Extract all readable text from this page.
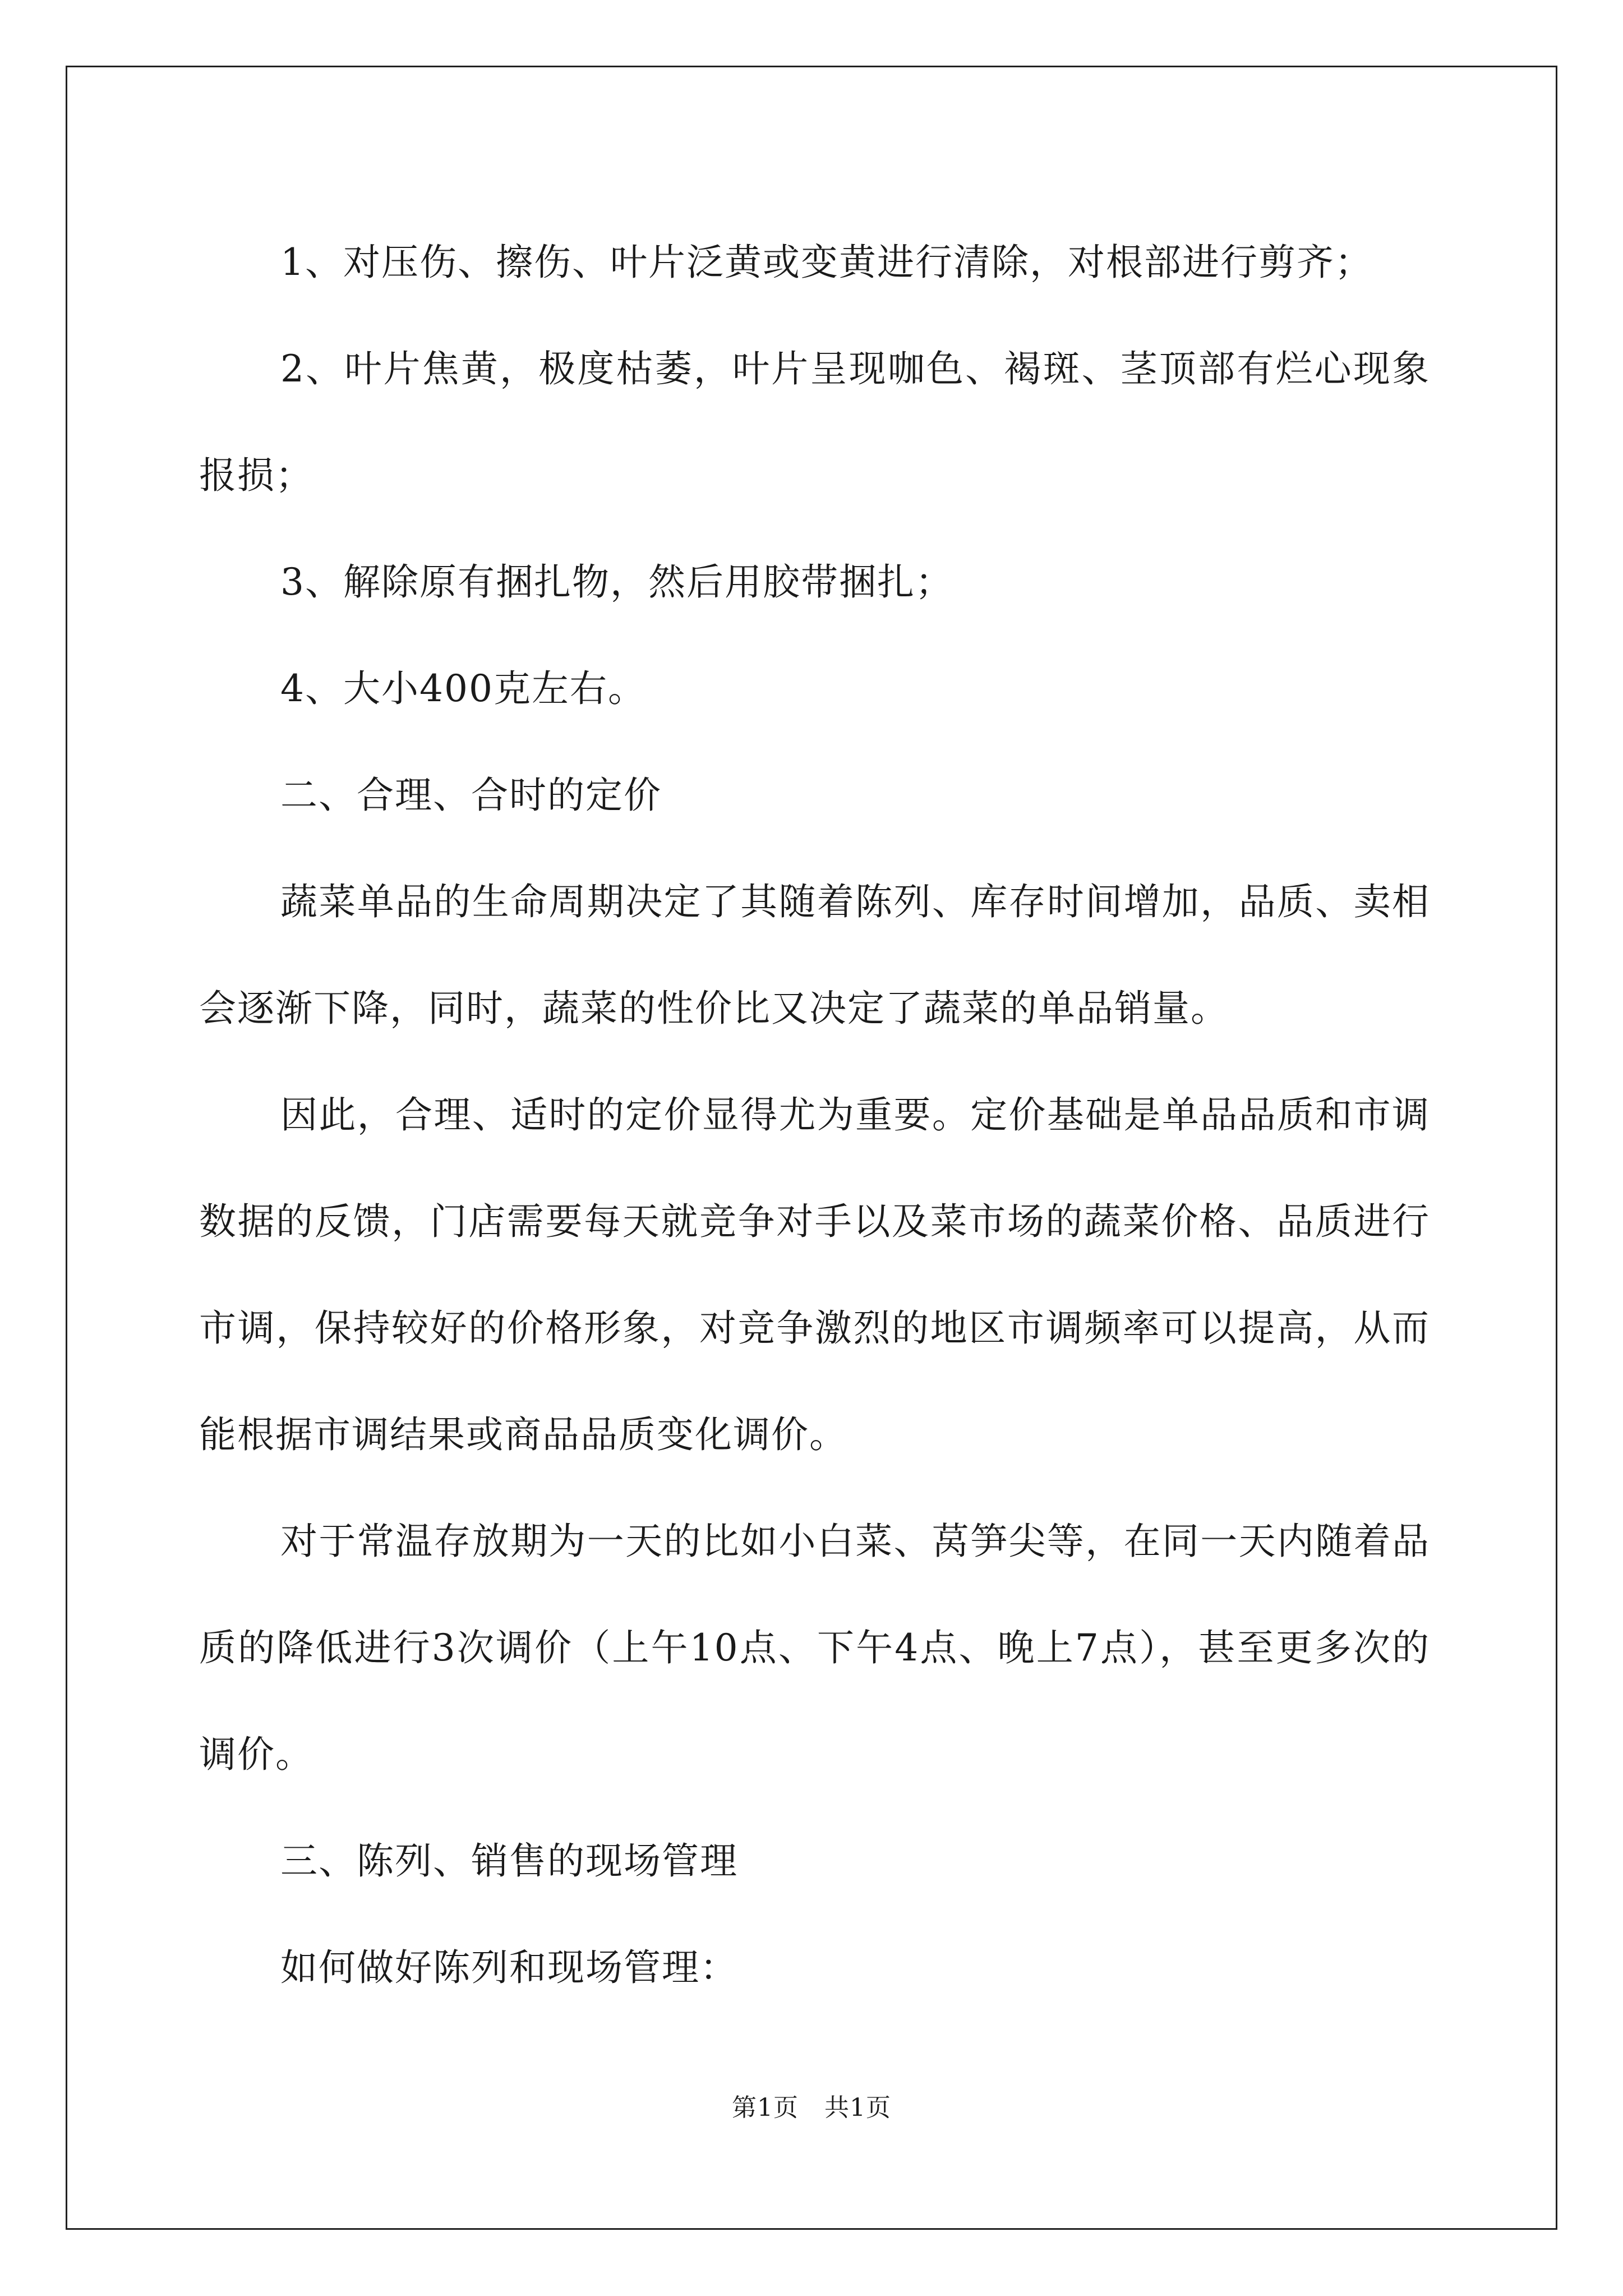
1、对压伤、擦伤、叶片泛黄或变黄进行清除，对根部进行剪齐；

2、叶片焦黄，极度枯萎，叶片呈现咖色、褐斑、茎顶部有烂心现象报损；

3、解除原有捆扎物，然后用胶带捆扎；

4、大小400克左右。

二、合理、合时的定价

蔬菜单品的生命周期决定了其随着陈列、库存时间增加，品质、卖相会逐渐下降，同时，蔬菜的性价比又决定了蔬菜的单品销量。

因此，合理、适时的定价显得尤为重要。定价基础是单品品质和市调数据的反馈，门店需要每天就竞争对手以及菜市场的蔬菜价格、品质进行市调，保持较好的价格形象，对竞争激烈的地区市调频率可以提高，从而能根据市调结果或商品品质变化调价。

对于常温存放期为一天的比如小白菜、莴笋尖等，在同一天内随着品质的降低进行3次调价（上午10点、下午4点、晚上7点），甚至更多次的调价。

三、陈列、销售的现场管理

如何做好陈列和现场管理：

第1页 共1页
